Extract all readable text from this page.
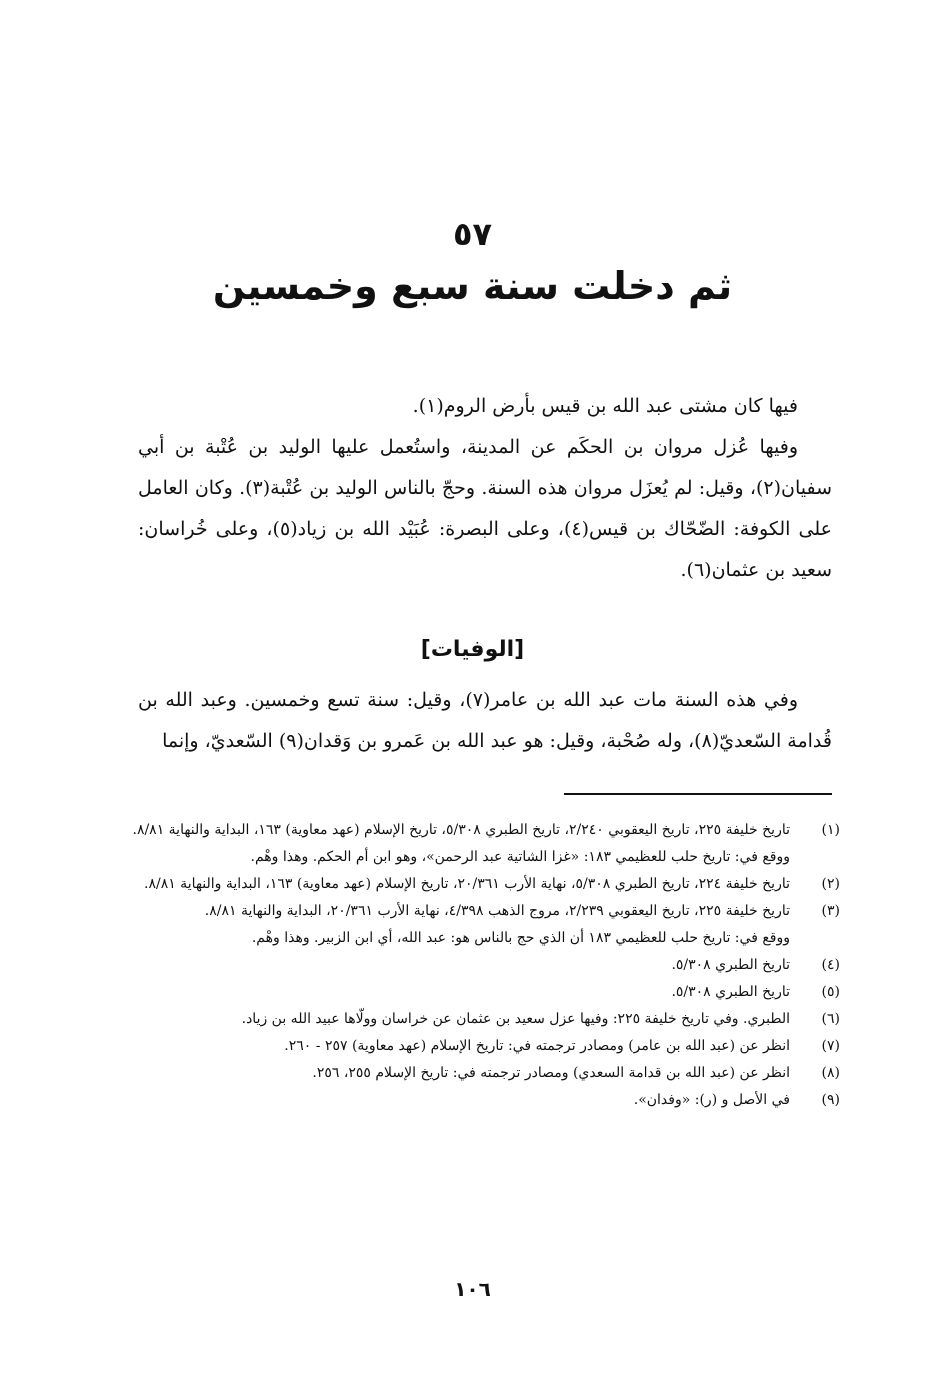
٥٧
ثم دخلت سنة سبع وخمسين

فيها كان مشتى عبد الله بن قيس بأرض الروم(١).

وفيها عُزل مروان بن الحكَم عن المدينة، واستُعمل عليها الوليد بن عُتْبة بن أبي سفيان(٢)، وقيل: لم يُعزَل مروان هذه السنة. وحجّ بالناس الوليد بن عُتْبة(٣). وكان العامل على الكوفة: الضّحّاك بن قيس(٤)، وعلى البصرة: عُبَيْد الله بن زياد(٥)، وعلى خُراسان: سعيد بن عثمان(٦).

[الوفيات]

وفي هذه السنة مات عبد الله بن عامر(٧)، وقيل: سنة تسع وخمسين. وعبد الله بن قُدامة السّعديّ(٨)، وله صُحْبة، وقيل: هو عبد الله بن عَمرو بن وَقدان(٩) السّعديّ، وإنما

(١)
تاريخ خليفة ٢٢٥، تاريخ اليعقوبي ٢/٢٤٠، تاريخ الطبري ٥/٣٠٨، تاريخ الإسلام (عهد معاوية) ١٦٣، البداية والنهاية ٨/٨١.
ووقع في: تاريخ حلب للعظيمي ١٨٣: «غزا الشاتية عبد الرحمن»، وهو ابن أم الحكم. وهذا وهْم.
(٢)
تاريخ خليفة ٢٢٤، تاريخ الطبري ٥/٣٠٨، نهاية الأرب ٢٠/٣٦١، تاريخ الإسلام (عهد معاوية) ١٦٣، البداية والنهاية ٨/٨١.
(٣)
تاريخ خليفة ٢٢٥، تاريخ اليعقوبي ٢/٢٣٩، مروج الذهب ٤/٣٩٨، نهاية الأرب ٢٠/٣٦١، البداية والنهاية ٨/٨١.
ووقع في: تاريخ حلب للعظيمي ١٨٣ أن الذي حج بالناس هو: عبد الله، أي ابن الزبير. وهذا وهْم.
(٤)
تاريخ الطبري ٥/٣٠٨.
(٥)
تاريخ الطبري ٥/٣٠٨.
(٦)
الطبري. وفي تاريخ خليفة ٢٢٥: وفيها عزل سعيد بن عثمان عن خراسان وولّاها عبيد الله بن زياد.
(٧)
انظر عن (عبد الله بن عامر) ومصادر ترجمته في: تاريخ الإسلام (عهد معاوية) ٢٥٧ - ٢٦٠.
(٨)
انظر عن (عبد الله بن قدامة السعدي) ومصادر ترجمته في: تاريخ الإسلام ٢٥٥، ٢٥٦.
(٩)
في الأصل و (ر): «وفدان».
١٠٦
